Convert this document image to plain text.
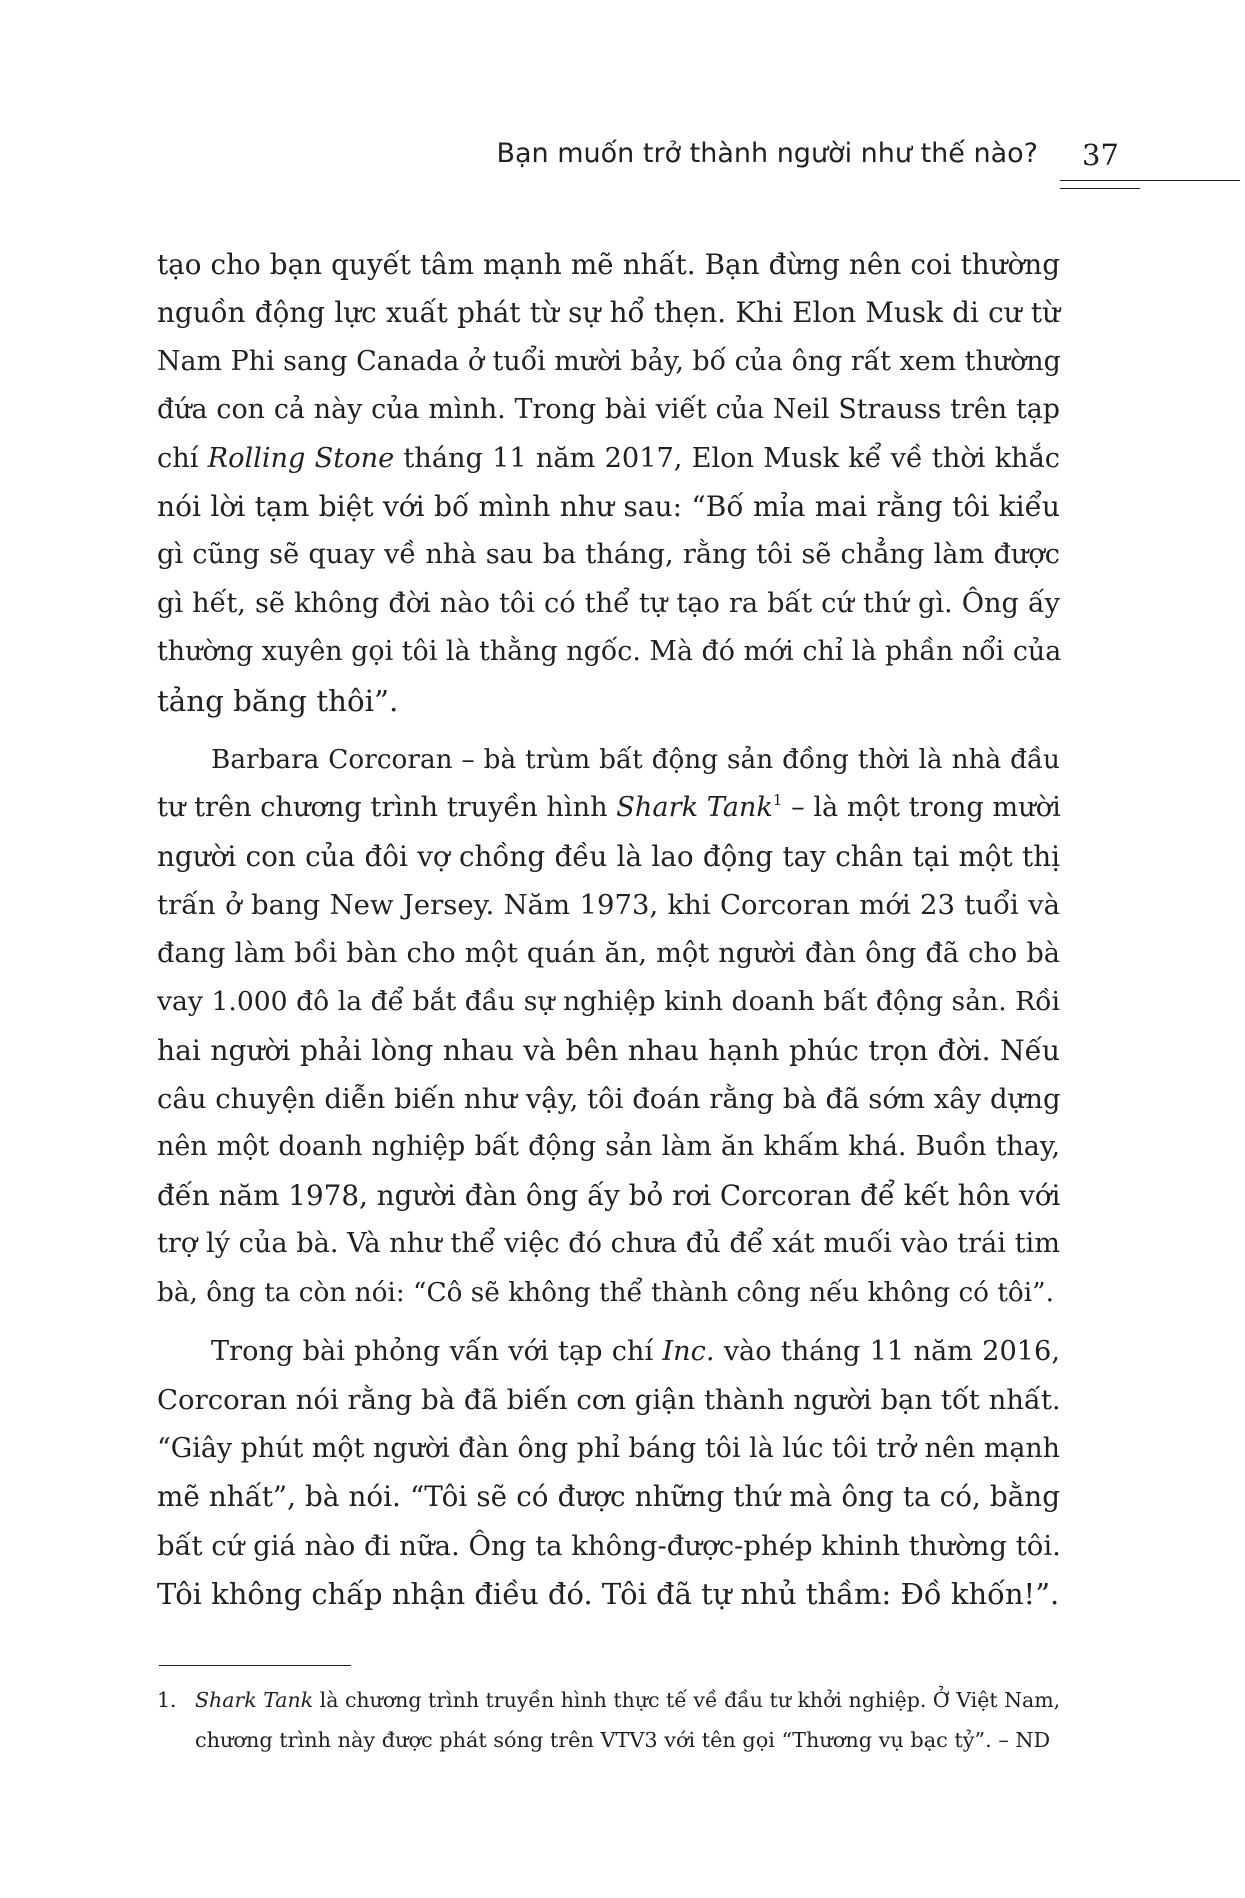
Bạn muốn trở thành người như thế nào? 37
tạo cho bạn quyết tâm mạnh mẽ nhất. Bạn đừng nên coi thường
nguồn động lực xuất phát từ sự hổ thẹn. Khi Elon Musk di cư từ
Nam Phi sang Canada ở tuổi mười bảy, bố của ông rất xem thường
đứa con cả này của mình. Trong bài viết của Neil Strauss trên tạp
chí Rolling Stone tháng 11 năm 2017, Elon Musk kể về thời khắc
nói lời tạm biệt với bố mình như sau: “Bố mỉa mai rằng tôi kiểu
gì cũng sẽ quay về nhà sau ba tháng, rằng tôi sẽ chẳng làm được
gì hết, sẽ không đời nào tôi có thể tự tạo ra bất cứ thứ gì. Ông ấy
thường xuyên gọi tôi là thằng ngốc. Mà đó mới chỉ là phần nổi của
tảng băng thôi”.
Barbara Corcoran – bà trùm bất động sản đồng thời là nhà đầu
tư trên chương trình truyền hình Shark Tank$^1$ – là một trong mười
người con của đôi vợ chồng đều là lao động tay chân tại một thị
trấn ở bang New Jersey. Năm 1973, khi Corcoran mới 23 tuổi và
đang làm bồi bàn cho một quán ăn, một người đàn ông đã cho bà
vay 1.000 đô la để bắt đầu sự nghiệp kinh doanh bất động sản. Rồi
hai người phải lòng nhau và bên nhau hạnh phúc trọn đời. Nếu
câu chuyện diễn biến như vậy, tôi đoán rằng bà đã sớm xây dựng
nên một doanh nghiệp bất động sản làm ăn khấm khá. Buồn thay,
đến năm 1978, người đàn ông ấy bỏ rơi Corcoran để kết hôn với
trợ lý của bà. Và như thể việc đó chưa đủ để xát muối vào trái tim
bà, ông ta còn nói: “Cô sẽ không thể thành công nếu không có tôi”.
Trong bài phỏng vấn với tạp chí Inc. vào tháng 11 năm 2016,
Corcoran nói rằng bà đã biến cơn giận thành người bạn tốt nhất.
“Giây phút một người đàn ông phỉ báng tôi là lúc tôi trở nên mạnh
mẽ nhất”, bà nói. “Tôi sẽ có được những thứ mà ông ta có, bằng
bất cứ giá nào đi nữa. Ông ta không-được-phép khinh thường tôi.
Tôi không chấp nhận điều đó. Tôi đã tự nhủ thầm: Đồ khốn!”.
1. Shark Tank là chương trình truyền hình thực tế về đầu tư khởi nghiệp. Ở Việt Nam,
chương trình này được phát sóng trên VTV3 với tên gọi “Thương vụ bạc tỷ”. – ND
